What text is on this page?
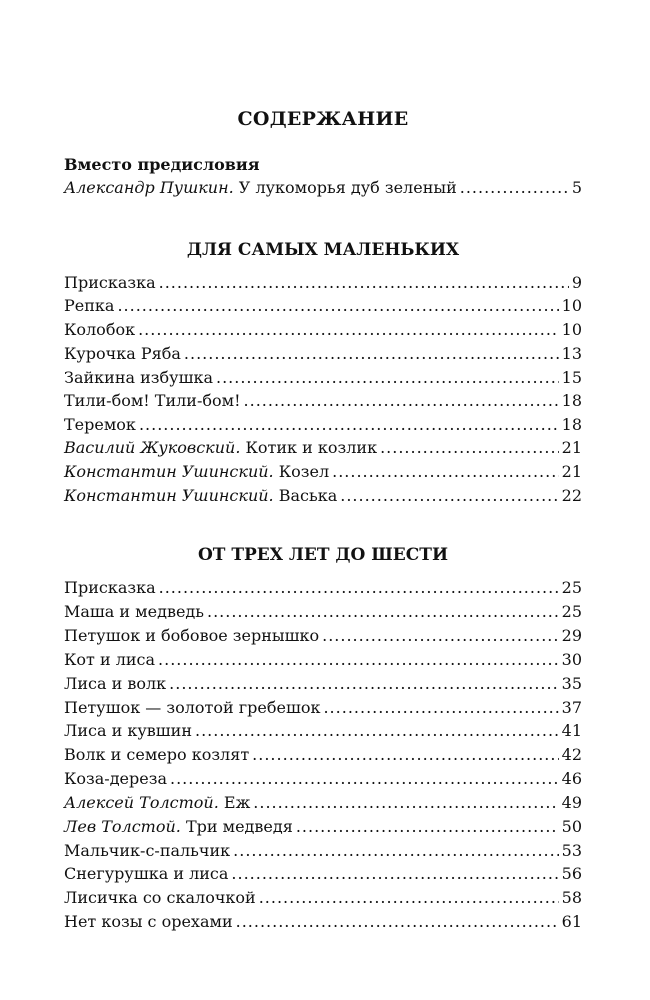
СОДЕРЖАНИЕ
Вместо предисловия
Александр Пушкин. У лукоморья дуб зеленый .....	5
ДЛЯ САМЫХ МАЛЕНЬКИХ
Присказка .....	9
Репка .....	10
Колобок .....	10
Курочка Ряба .....	13
Зайкина избушка .....	15
Тили-бом! Тили-бом! .....	18
Теремок .....	18
Василий Жуковский. Котик и козлик .....	21
Константин Ушинский. Козел .....	21
Константин Ушинский. Васька .....	22
ОТ ТРЕХ ЛЕТ ДО ШЕСТИ
Присказка .....	25
Маша и медведь .....	25
Петушок и бобовое зернышко .....	29
Кот и лиса .....	30
Лиса и волк .....	35
Петушок — золотой гребешок .....	37
Лиса и кувшин .....	41
Волк и семеро козлят .....	42
Коза-дереза .....	46
Алексей Толстой. Еж .....	49
Лев Толстой. Три медведя .....	50
Мальчик-с-пальчик .....	53
Снегурушка и лиса .....	56
Лисичка со скалочкой .....	58
Нет козы с орехами .....	61
